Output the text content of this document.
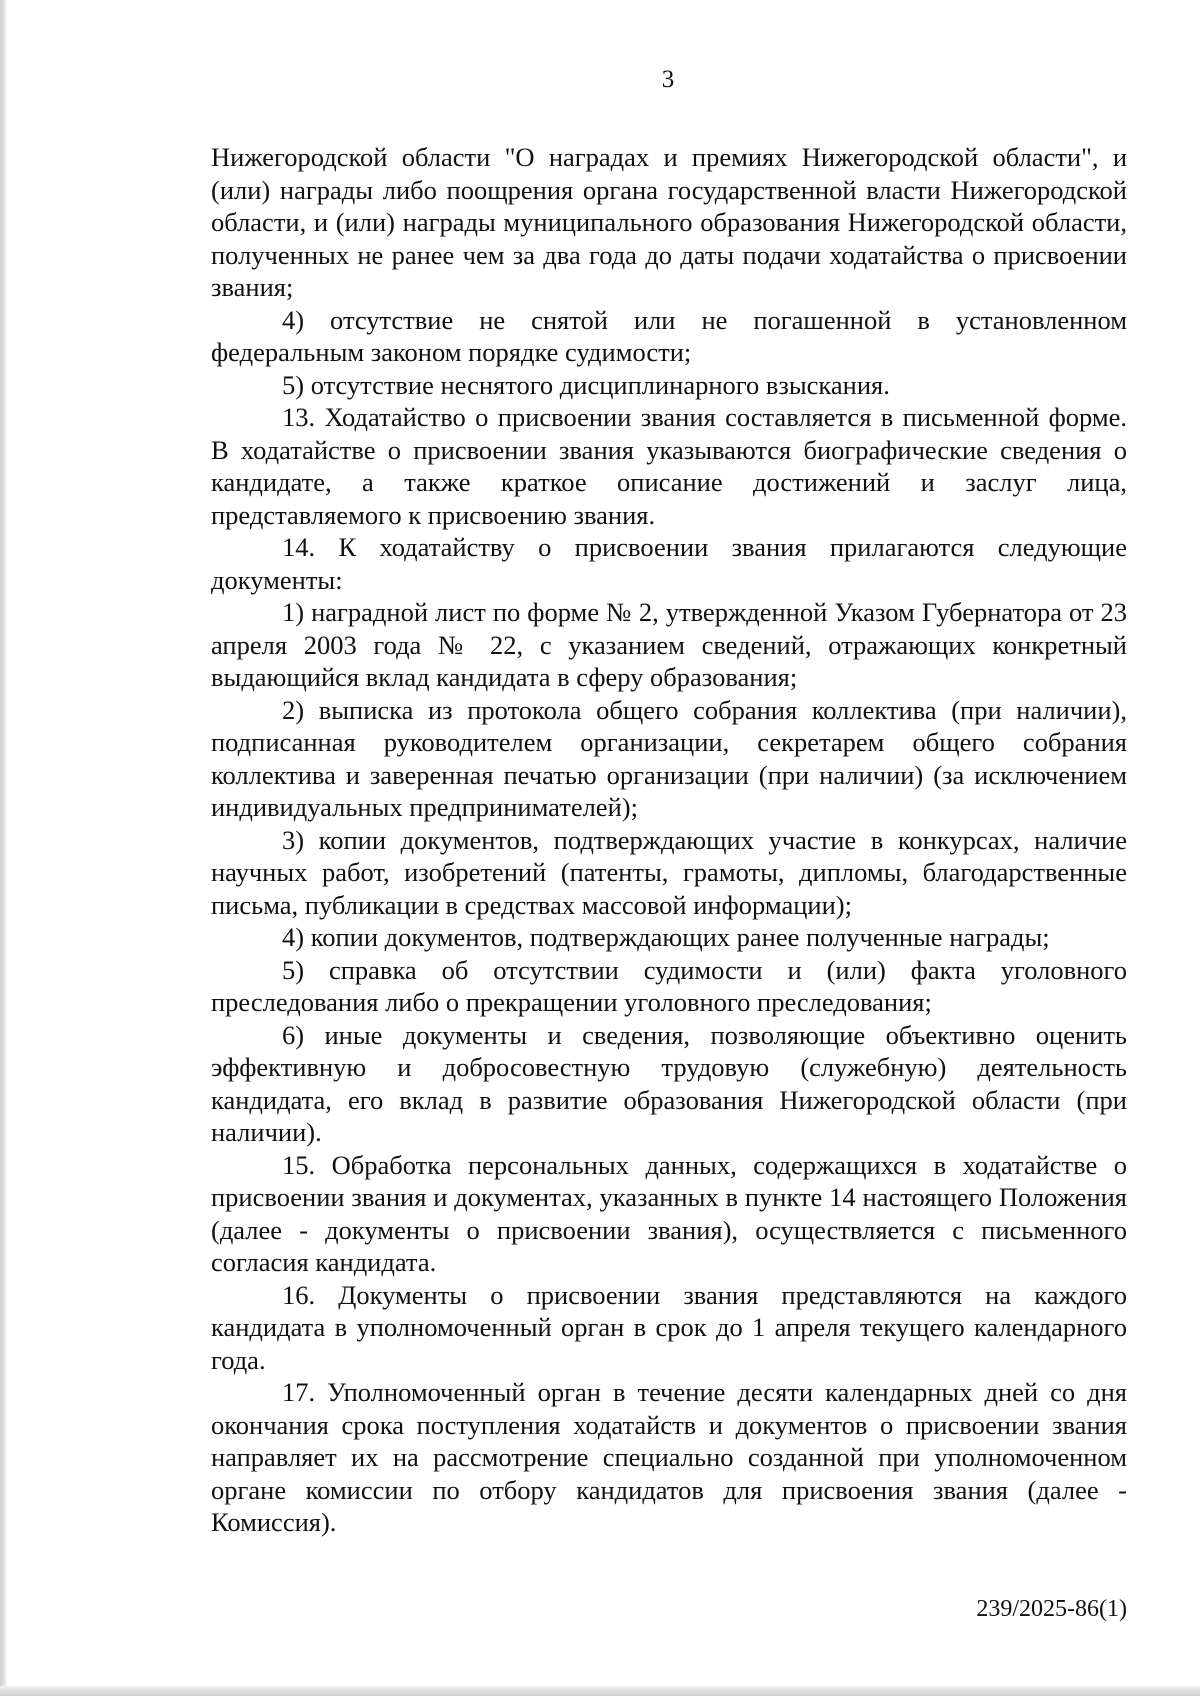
3

Нижегородской области "О наградах и премиях Нижегородской области", и (или) награды либо поощрения органа государственной власти Нижегородской области, и (или) награды муниципального образования Нижегородской области, полученных не ранее чем за два года до даты подачи ходатайства о присвоении звания;

4) отсутствие не снятой или не погашенной в установленном федеральным законом порядке судимости;

5) отсутствие неснятого дисциплинарного взыскания.

13. Ходатайство о присвоении звания составляется в письменной форме. В ходатайстве о присвоении звания указываются биографические сведения о кандидате, а также краткое описание достижений и заслуг лица, представляемого к присвоению звания.

14. К ходатайству о присвоении звания прилагаются следующие документы:

1) наградной лист по форме № 2, утвержденной Указом Губернатора от 23 апреля 2003 года № 22, с указанием сведений, отражающих конкретный выдающийся вклад кандидата в сферу образования;

2) выписка из протокола общего собрания коллектива (при наличии), подписанная руководителем организации, секретарем общего собрания коллектива и заверенная печатью организации (при наличии) (за исключением индивидуальных предпринимателей);

3) копии документов, подтверждающих участие в конкурсах, наличие научных работ, изобретений (патенты, грамоты, дипломы, благодарственные письма, публикации в средствах массовой информации);

4) копии документов, подтверждающих ранее полученные награды;

5) справка об отсутствии судимости и (или) факта уголовного преследования либо о прекращении уголовного преследования;

6) иные документы и сведения, позволяющие объективно оценить эффективную и добросовестную трудовую (служебную) деятельность кандидата, его вклад в развитие образования Нижегородской области (при наличии).

15. Обработка персональных данных, содержащихся в ходатайстве о присвоении звания и документах, указанных в пункте 14 настоящего Положения (далее - документы о присвоении звания), осуществляется с письменного согласия кандидата.

16. Документы о присвоении звания представляются на каждого кандидата в уполномоченный орган в срок до 1 апреля текущего календарного года.

17. Уполномоченный орган в течение десяти календарных дней со дня окончания срока поступления ходатайств и документов о присвоении звания направляет их на рассмотрение специально созданной при уполномоченном органе комиссии по отбору кандидатов для присвоения звания (далее - Комиссия).

239/2025-86(1)
